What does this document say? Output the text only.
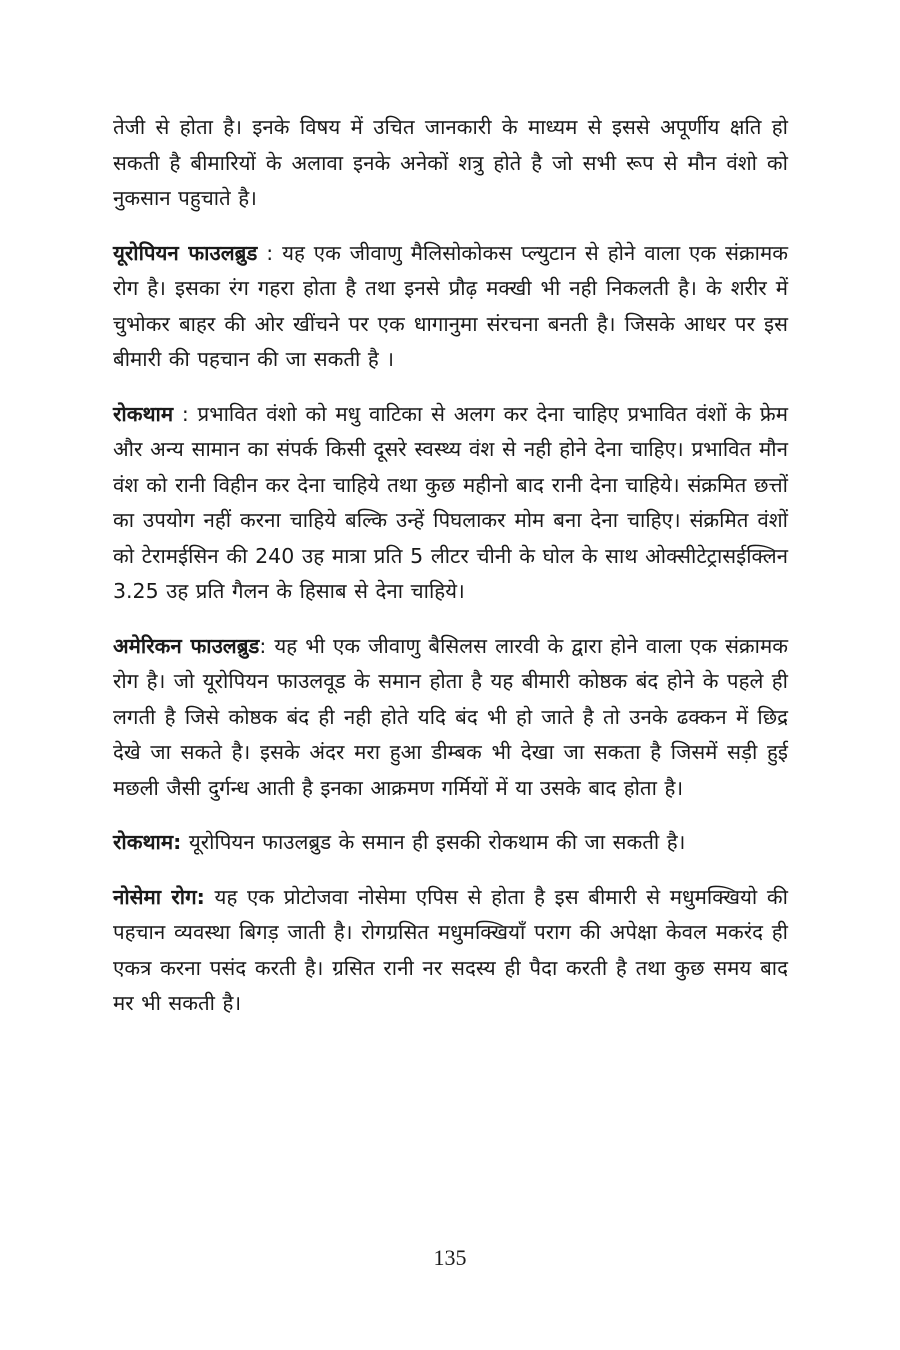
तेजी से होता है। इनके विषय में उचित जानकारी के माध्यम से इससे अपूर्णीय क्षति हो सकती है बीमारियों के अलावा इनके अनेकों शत्रु होते है जो सभी रूप से मौन वंशो को नुकसान पहुचाते है।

यूरोपियन फाउलब्रुड : यह एक जीवाणु मैलिसोकोकस प्ल्युटान से होने वाला एक संक्रामक रोग है। इसका रंग गहरा होता है तथा इनसे प्रौढ़ मक्खी भी नही निकलती है। के शरीर में चुभोकर बाहर की ओर खींचने पर एक धागानुमा संरचना बनती है। जिसके आधर पर इस बीमारी की पहचान की जा सकती है ।

रोकथाम : प्रभावित वंशो को मधु वाटिका से अलग कर देना चाहिए प्रभावित वंशों के फ्रेम और अन्य सामान का संपर्क किसी दूसरे स्वस्थ्य वंश से नही होने देना चाहिए। प्रभावित मौन वंश को रानी विहीन कर देना चाहिये तथा कुछ महीनो बाद रानी देना चाहिये। संक्रमित छत्तों का उपयोग नहीं करना चाहिये बल्कि उन्हें पिघलाकर मोम बना देना चाहिए। संक्रमित वंशों को टेरामईसिन की 240 उह मात्रा प्रति 5 लीटर चीनी के घोल के साथ ओक्सीटेट्रासईक्लिन 3.25 उह प्रति गैलन के हिसाब से देना चाहिये।

अमेरिकन फाउलब्रुड: यह भी एक जीवाणु बैसिलस लारवी के द्वारा होने वाला एक संक्रामक रोग है। जो यूरोपियन फाउलवूड के समान होता है यह बीमारी कोष्ठक बंद होने के पहले ही लगती है जिसे कोष्ठक बंद ही नही होते यदि बंद भी हो जाते है तो उनके ढक्कन में छिद्र देखे जा सकते है। इसके अंदर मरा हुआ डीम्बक भी देखा जा सकता है जिसमें सड़ी हुई मछली जैसी दुर्गन्ध आती है इनका आक्रमण गर्मियों में या उसके बाद होता है।

रोकथाम: यूरोपियन फाउलब्रुड के समान ही इसकी रोकथाम की जा सकती है।

नोसेमा रोग: यह एक प्रोटोजवा नोसेमा एपिस से होता है इस बीमारी से मधुमक्खियो की पहचान व्यवस्था बिगड़ जाती है। रोगग्रसित मधुमक्खियाँ पराग की अपेक्षा केवल मकरंद ही एकत्र करना पसंद करती है। ग्रसित रानी नर सदस्य ही पैदा करती है तथा कुछ समय बाद मर भी सकती है।

135
